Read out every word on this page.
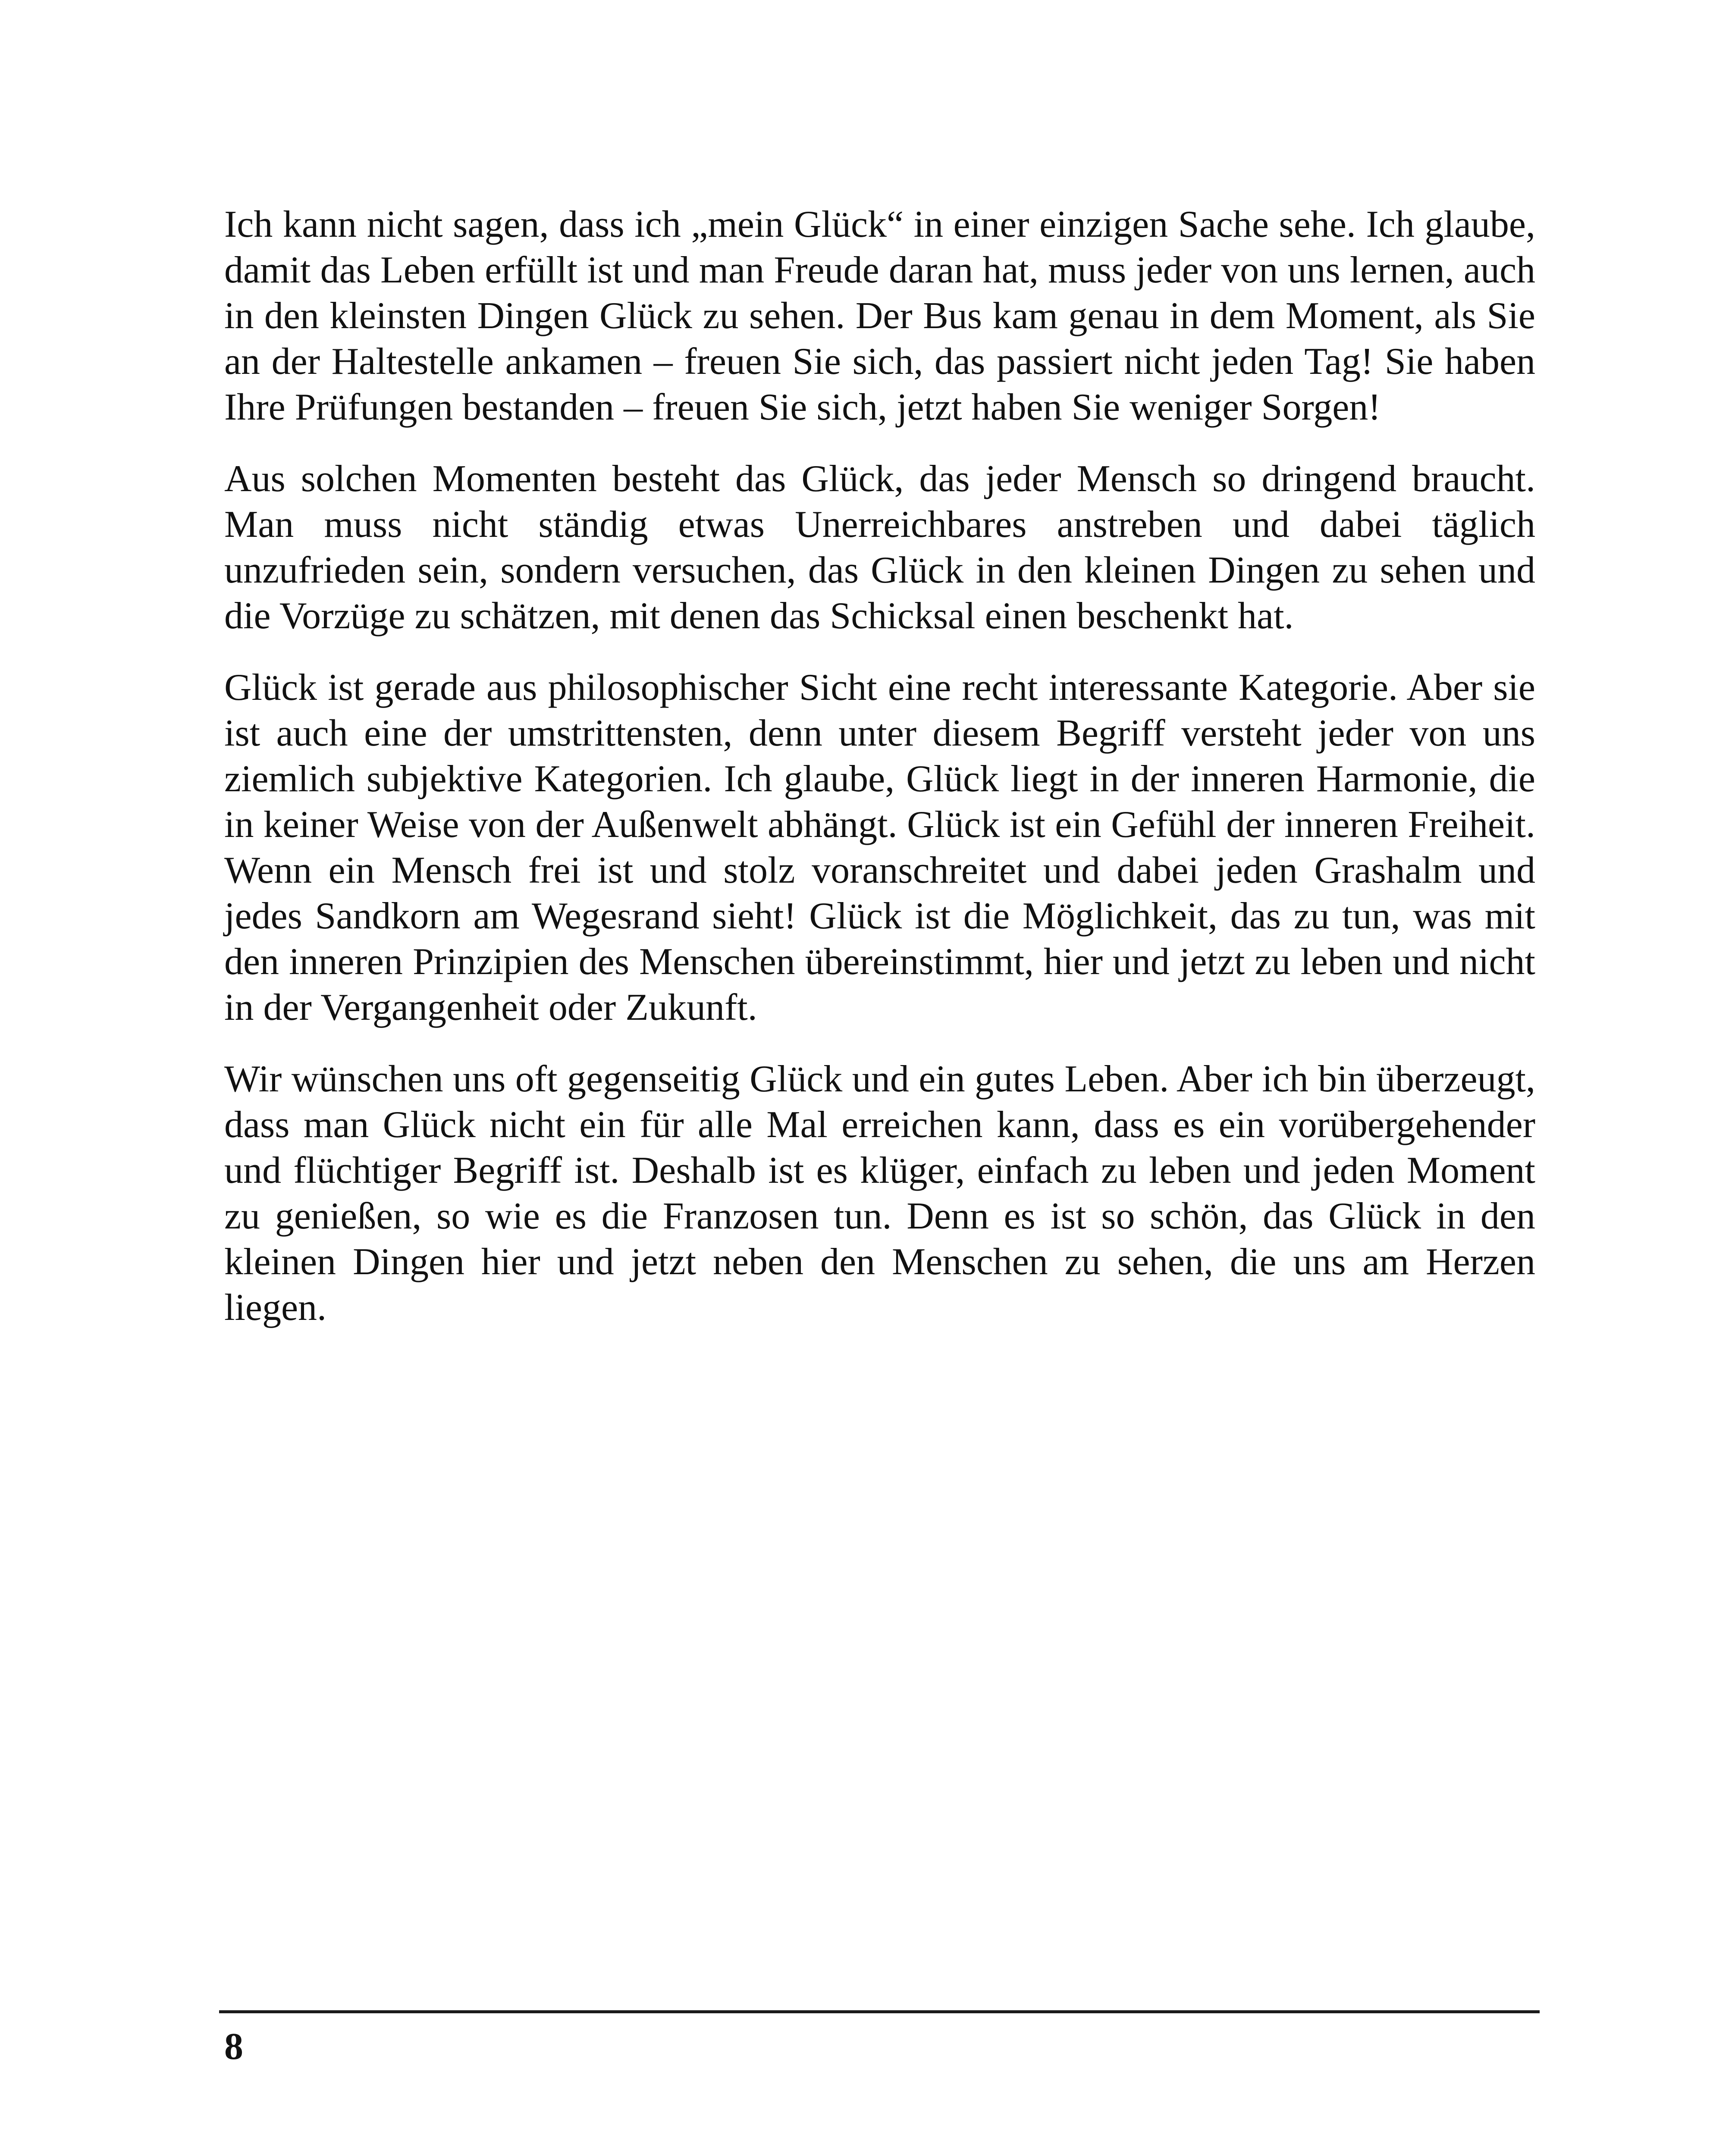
Ich kann nicht sagen, dass ich „mein Glück“ in einer einzigen Sache sehe. Ich glaube, damit das Leben erfüllt ist und man Freude daran hat, muss jeder von uns lernen, auch in den kleinsten Dingen Glück zu sehen. Der Bus kam genau in dem Moment, als Sie an der Haltestelle ankamen – freuen Sie sich, das passiert nicht jeden Tag! Sie haben Ihre Prüfungen bestanden – freuen Sie sich, jetzt haben Sie weniger Sorgen!

Aus solchen Momenten besteht das Glück, das jeder Mensch so dringend braucht. Man muss nicht ständig etwas Unerreichbares anstreben und dabei täglich unzufrieden sein, sondern versuchen, das Glück in den kleinen Dingen zu sehen und die Vorzüge zu schätzen, mit denen das Schicksal einen beschenkt hat.

Glück ist gerade aus philosophischer Sicht eine recht interessante Kategorie. Aber sie ist auch eine der umstrittensten, denn unter diesem Begriff versteht jeder von uns ziemlich subjektive Kategorien. Ich glaube, Glück liegt in der inneren Harmonie, die in keiner Weise von der Außenwelt abhängt. Glück ist ein Gefühl der inneren Freiheit. Wenn ein Mensch frei ist und stolz voranschreitet und dabei jeden Grashalm und jedes Sandkorn am Wegesrand sieht! Glück ist die Möglichkeit, das zu tun, was mit den inneren Prinzipien des Menschen übereinstimmt, hier und jetzt zu leben und nicht in der Vergangenheit oder Zukunft.

Wir wünschen uns oft gegenseitig Glück und ein gutes Leben. Aber ich bin überzeugt, dass man Glück nicht ein für alle Mal erreichen kann, dass es ein vorübergehender und flüchtiger Begriff ist. Deshalb ist es klüger, einfach zu leben und jeden Moment zu genießen, so wie es die Franzosen tun. Denn es ist so schön, das Glück in den kleinen Dingen hier und jetzt neben den Menschen zu sehen, die uns am Herzen liegen.

8
